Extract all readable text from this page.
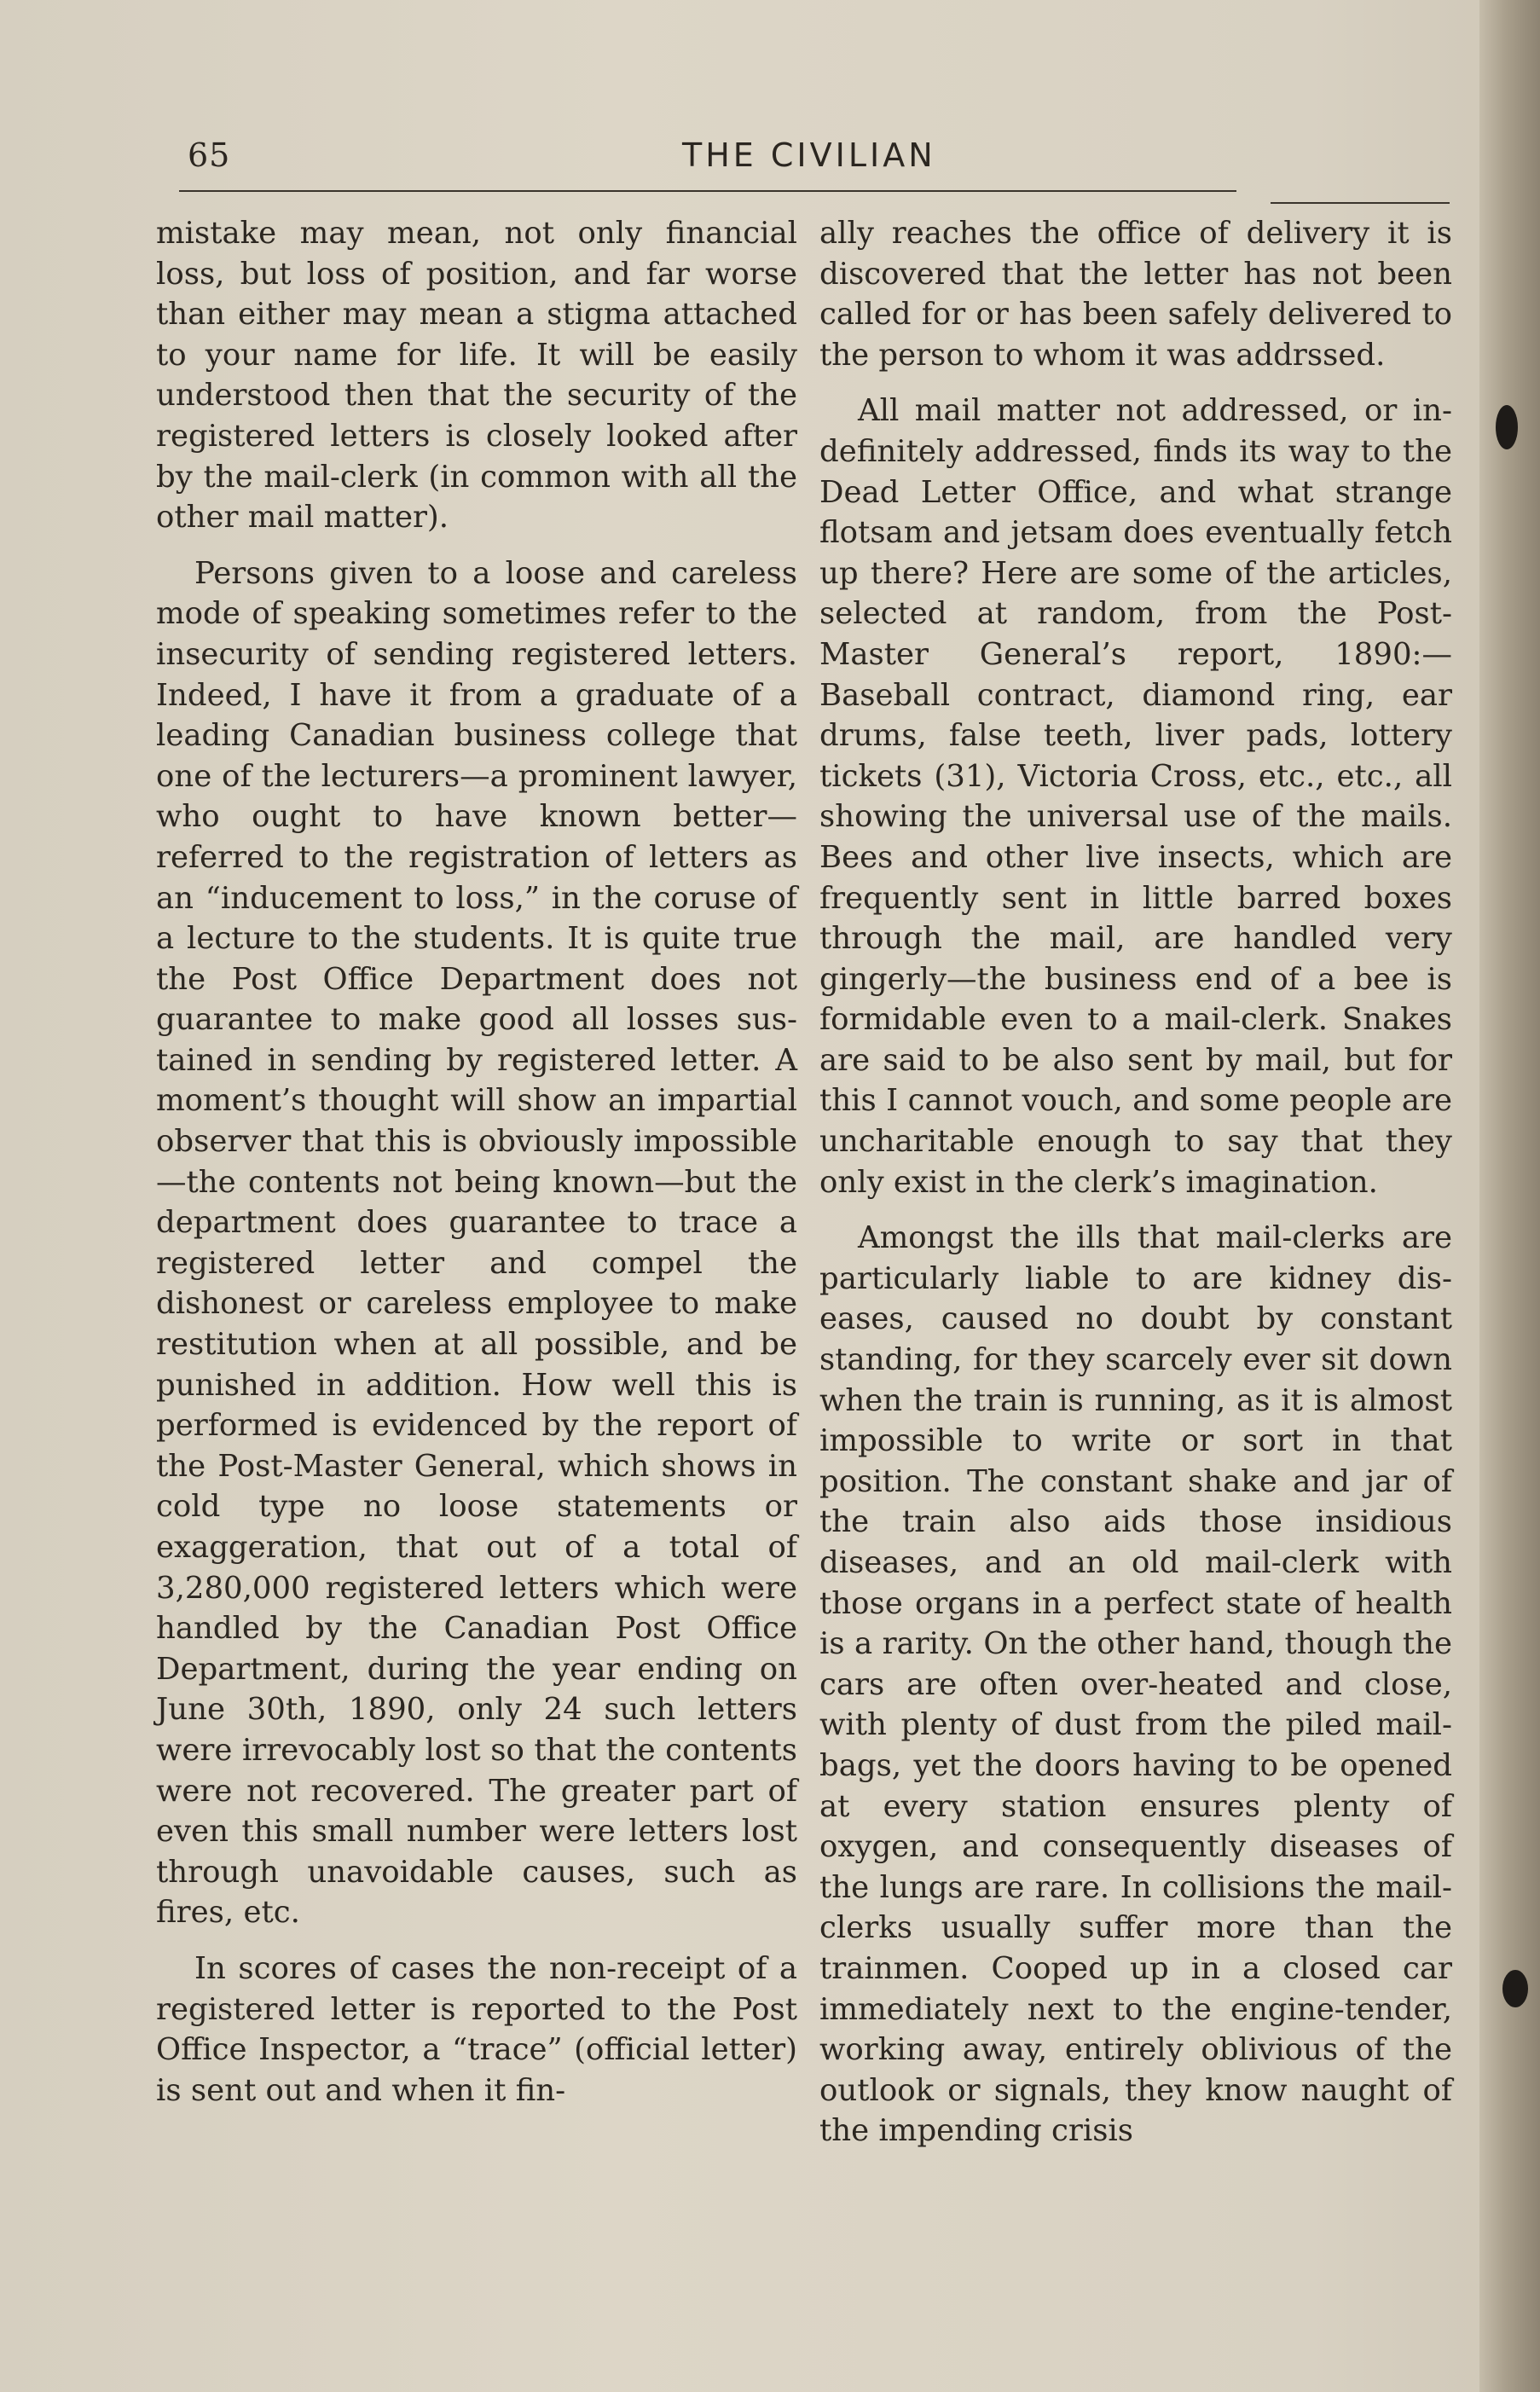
65	THE CIVILIAN

mistake may mean, not only financial loss, but loss of position, and far worse than either may mean a stigma attached to your name for life. It will be easily understood then that the security of the registered letters is closely looked after by the mail-clerk (in common with all the other mail matter).

Persons given to a loose and careless mode of speaking sometimes refer to the insecurity of sending registered letters. Indeed, I have it from a graduate of a leading Canadian business college that one of the lecturers—a prominent lawyer, who ought to have known better—referred to the registration of letters as an “inducement to loss,” in the coruse of a lecture to the students. It is quite true the Post Office Department does not guarantee to make good all losses sustained in sending by registered letter. A moment’s thought will show an impartial observer that this is obviously impossible—the contents not being known—but the department does guarantee to trace a registered letter and compel the dishonest or careless employee to make restitution when at all possible, and be punished in addition. How well this is performed is evidenced by the report of the Post-Master General, which shows in cold type no loose statements or exaggeration, that out of a total of 3,280,000 registered letters which were handled by the Canadian Post Office Department, during the year ending on June 30th, 1890, only 24 such letters were irrevocably lost so that the contents were not recovered. The greater part of even this small number were letters lost through unavoidable causes, such as fires, etc.

In scores of cases the non-receipt of a registered letter is reported to the Post Office Inspector, a “trace” (official letter) is sent out and when it fin-

ally reaches the office of delivery it is discovered that the letter has not been called for or has been safely delivered to the person to whom it was addrssed.

All mail matter not addressed, or indefinitely addressed, finds its way to the Dead Letter Office, and what strange flotsam and jetsam does eventually fetch up there? Here are some of the articles, selected at random, from the Post-Master General’s report, 1890:—Baseball contract, diamond ring, ear drums, false teeth, liver pads, lottery tickets (31), Victoria Cross, etc., etc., all showing the universal use of the mails. Bees and other live insects, which are frequently sent in little barred boxes through the mail, are handled very gingerly—the business end of a bee is formidable even to a mail-clerk. Snakes are said to be also sent by mail, but for this I cannot vouch, and some people are uncharitable enough to say that they only exist in the clerk’s imagination.

Amongst the ills that mail-clerks are particularly liable to are kidney diseases, caused no doubt by constant standing, for they scarcely ever sit down when the train is running, as it is almost impossible to write or sort in that position. The constant shake and jar of the train also aids those insidious diseases, and an old mail-clerk with those organs in a perfect state of health is a rarity. On the other hand, though the cars are often over-heated and close, with plenty of dust from the piled mail-bags, yet the doors having to be opened at every station ensures plenty of oxygen, and consequently diseases of the lungs are rare. In collisions the mail-clerks usually suffer more than the trainmen. Cooped up in a closed car immediately next to the engine-tender, working away, entirely oblivious of the outlook or signals, they know naught of the impending crisis
